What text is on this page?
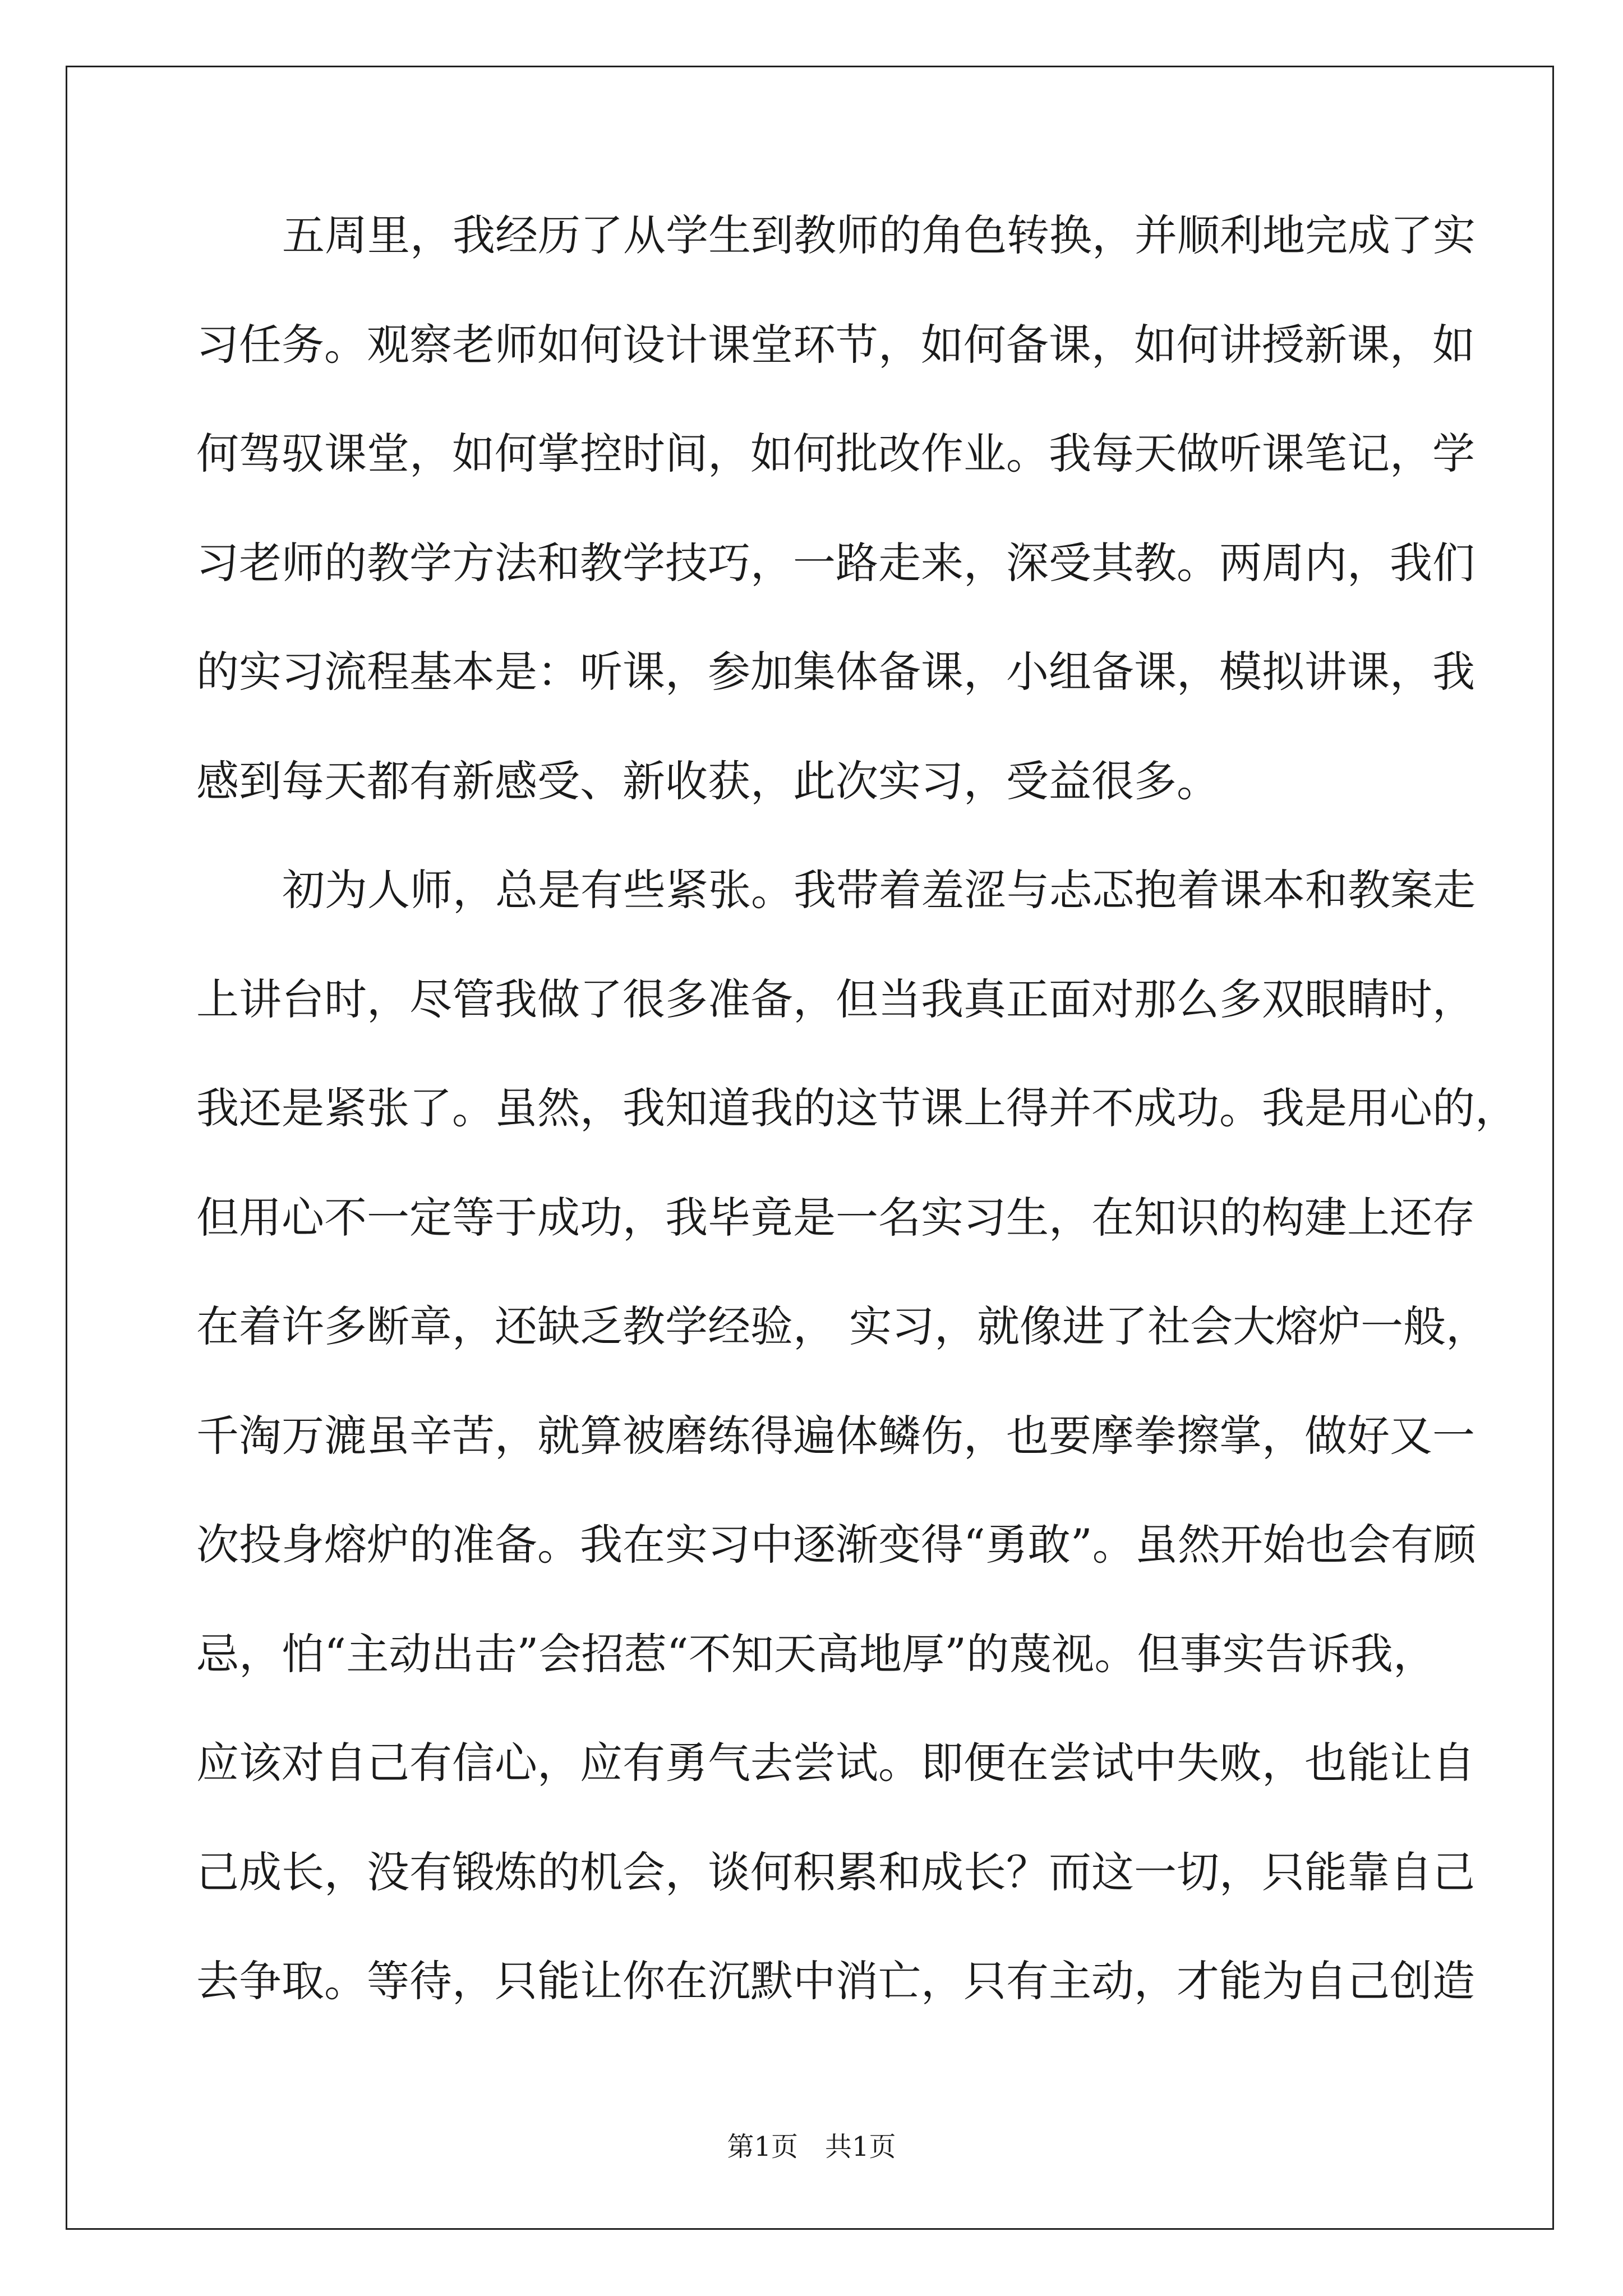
五周里，我经历了从学生到教师的角色转换，并顺利地完成了实
习任务。观察老师如何设计课堂环节，如何备课，如何讲授新课，如
何驾驭课堂，如何掌控时间，如何批改作业。我每天做听课笔记，学
习老师的教学方法和教学技巧，一路走来，深受其教。两周内，我们
的实习流程基本是：听课，参加集体备课，小组备课，模拟讲课，我
感到每天都有新感受、新收获，此次实习，受益很多。
初为人师，总是有些紧张。我带着羞涩与忐忑抱着课本和教案走
上讲台时，尽管我做了很多准备，但当我真正面对那么多双眼睛时，
我还是紧张了。虽然，我知道我的这节课上得并不成功。我是用心的，
但用心不一定等于成功，我毕竟是一名实习生，在知识的构建上还存
在着许多断章，还缺乏教学经验， 实习，就像进了社会大熔炉一般，
千淘万漉虽辛苦，就算被磨练得遍体鳞伤，也要摩拳擦掌，做好又一
次投身熔炉的准备。我在实习中逐渐变得“勇敢”。虽然开始也会有顾
忌，怕“主动出击”会招惹“不知天高地厚”的蔑视。但事实告诉我，
应该对自己有信心，应有勇气去尝试。即便在尝试中失败，也能让自
己成长，没有锻炼的机会，谈何积累和成长？而这一切，只能靠自己
去争取。等待，只能让你在沉默中消亡，只有主动，才能为自己创造
第1页　共1页
